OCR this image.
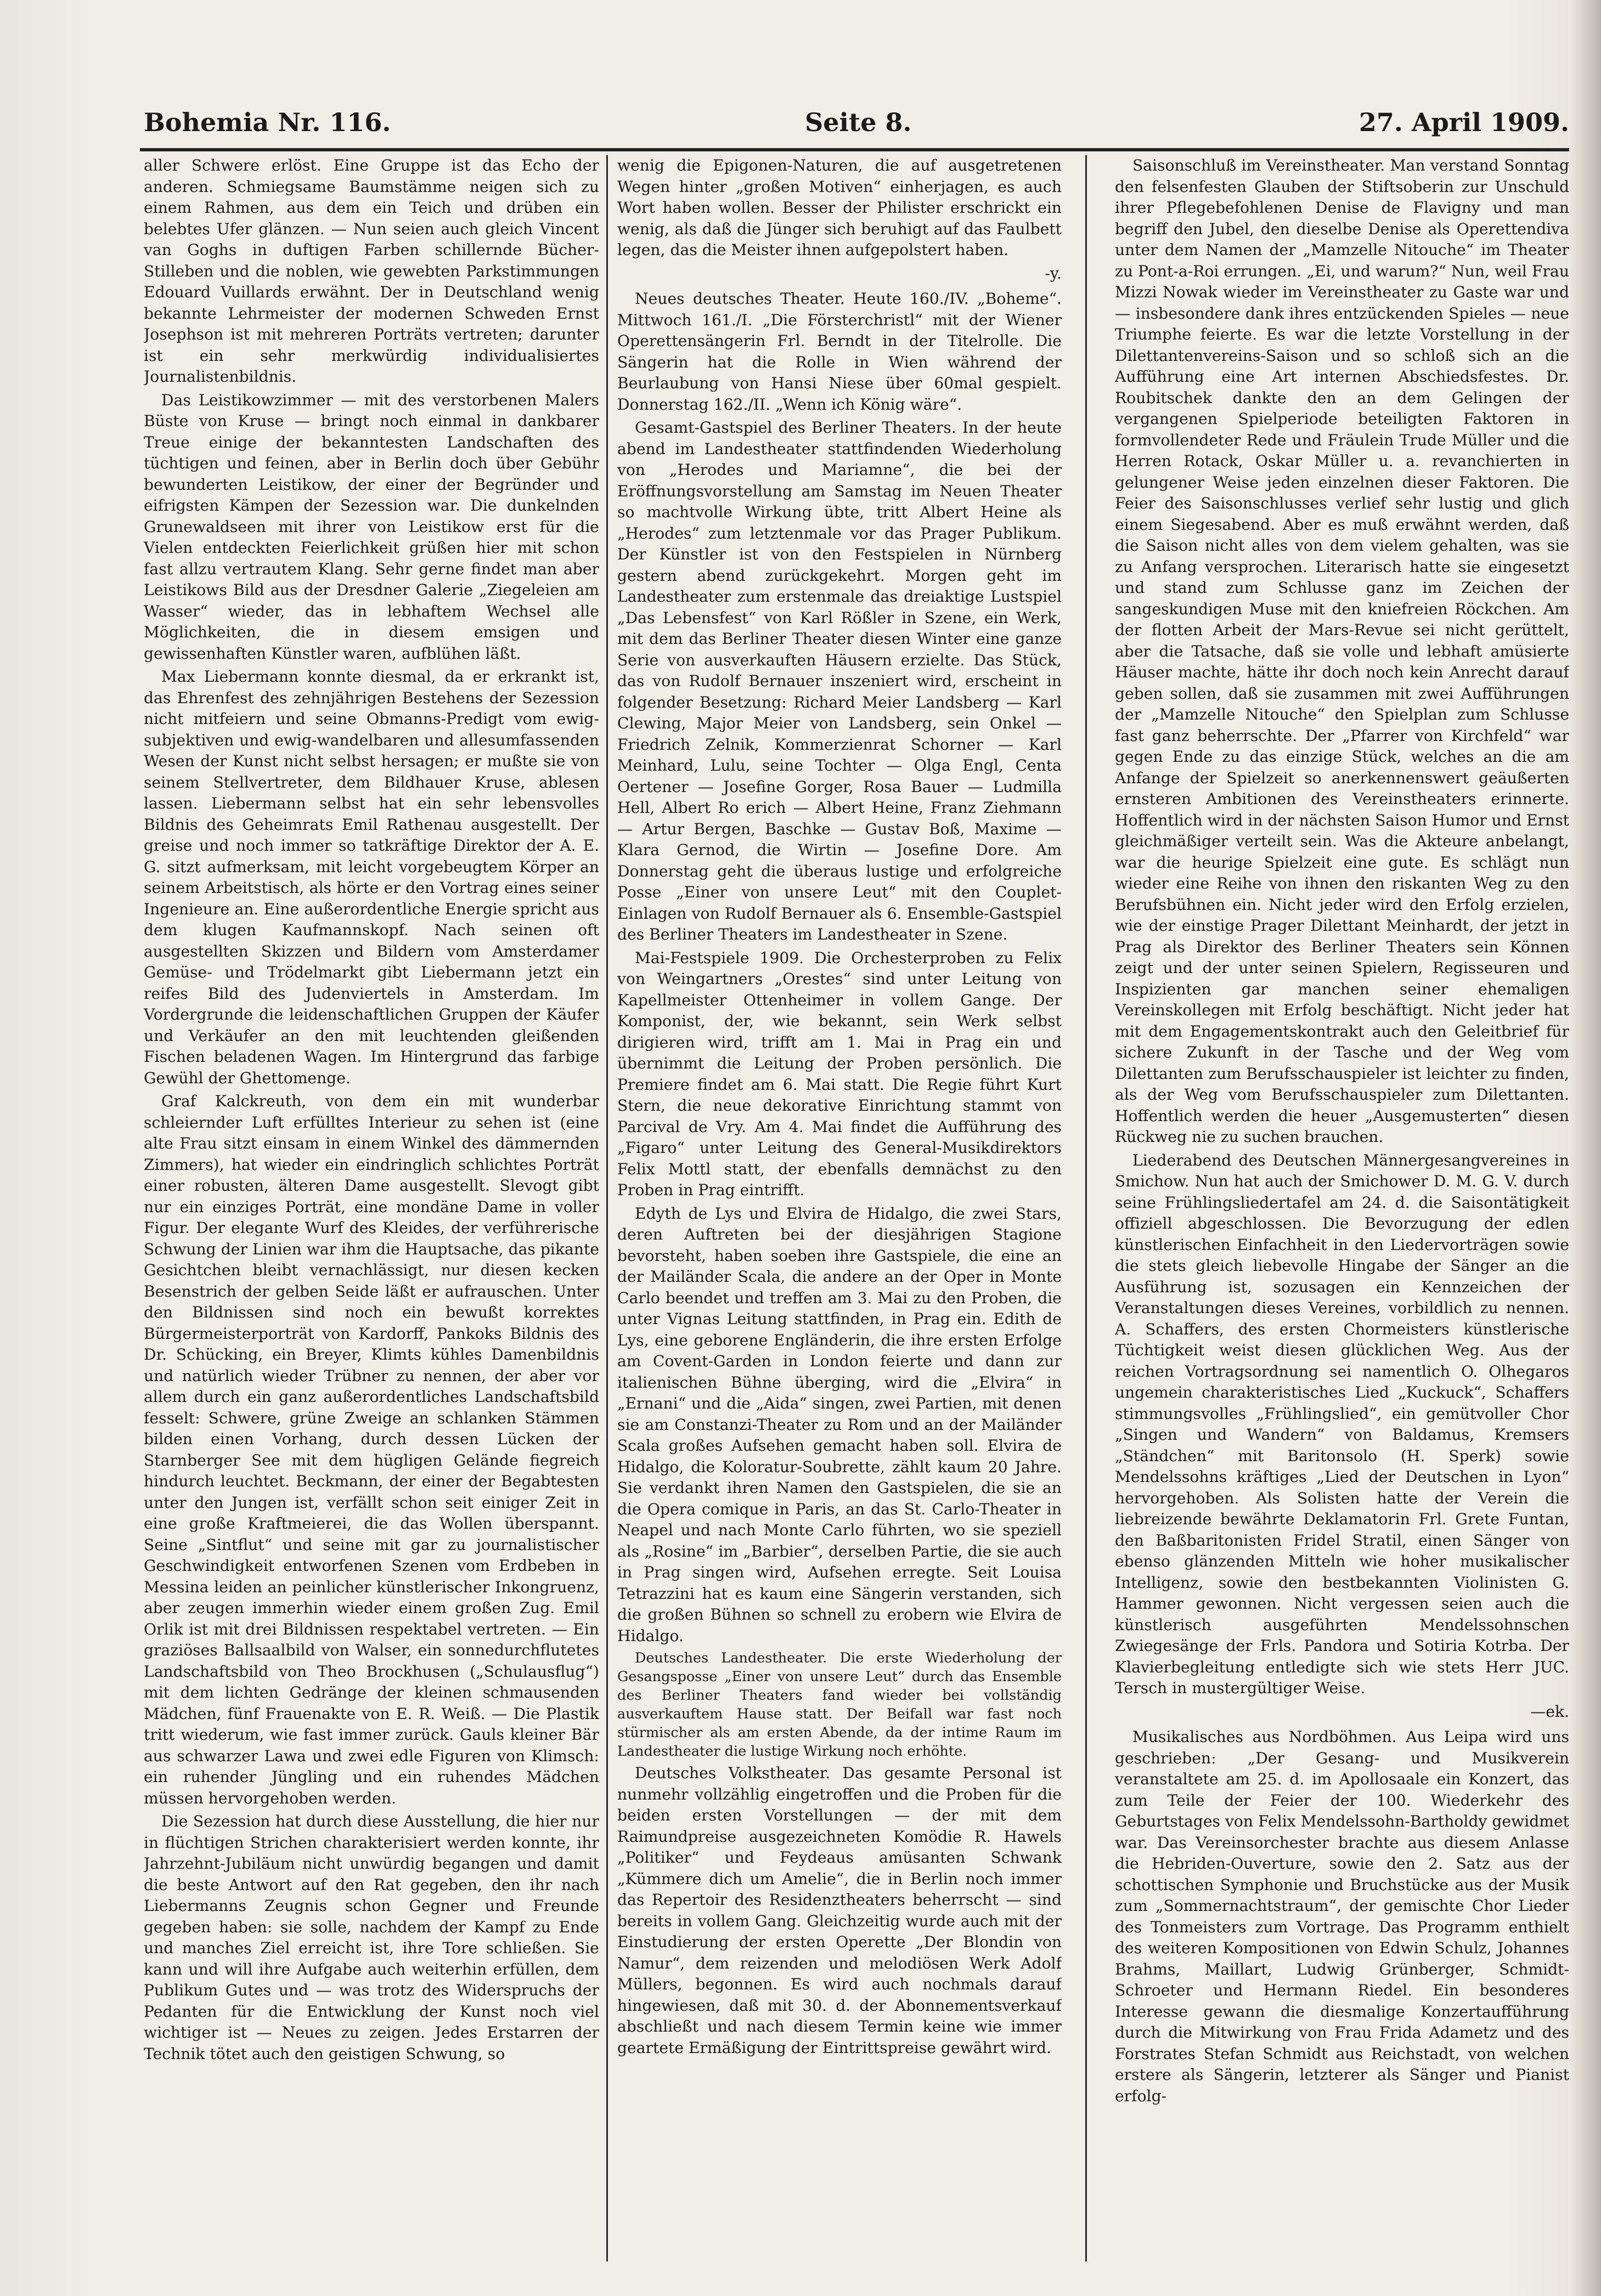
Bohemia Nr. 116.	Seite 8.	27. April 1909.

aller Schwere erlöst. Eine Gruppe ist das Echo der anderen. Schmiegsame Baumstämme neigen sich zu einem Rahmen, aus dem ein Teich und drüben ein belebtes Ufer glänzen. — Nun seien auch gleich Vincent van Goghs in duftigen Farben schillernde Bücher-Stilleben und die noblen, wie gewebten Parkstimmungen Edouard Vuillards erwähnt. Der in Deutschland wenig bekannte Lehrmeister der modernen Schweden Ernst Josephson ist mit mehreren Porträts vertreten; darunter ist ein sehr merkwürdig individualisiertes Journalistenbildnis.

Das Leistikowzimmer — mit des verstorbenen Malers Büste von Kruse — bringt noch einmal in dankbarer Treue einige der bekanntesten Landschaften des tüchtigen und feinen, aber in Berlin doch über Gebühr bewunderten Leistikow, der einer der Begründer und eifrigsten Kämpen der Sezession war. Die dunkelnden Grunewaldseen mit ihrer von Leistikow erst für die Vielen entdeckten Feierlichkeit grüßen hier mit schon fast allzu vertrautem Klang. Sehr gerne findet man aber Leistikows Bild aus der Dresdner Galerie „Ziegeleien am Wasser“ wieder, das in lebhaftem Wechsel alle Möglichkeiten, die in diesem emsigen und gewissenhaften Künstler waren, aufblühen läßt.

Max Liebermann konnte diesmal, da er erkrankt ist, das Ehrenfest des zehnjährigen Bestehens der Sezession nicht mitfeiern und seine Obmanns-Predigt vom ewig-subjektiven und ewig-wandelbaren und allesumfassenden Wesen der Kunst nicht selbst hersagen; er mußte sie von seinem Stellvertreter, dem Bildhauer Kruse, ablesen lassen. Liebermann selbst hat ein sehr lebensvolles Bildnis des Geheimrats Emil Rathenau ausgestellt. Der greise und noch immer so tatkräftige Direktor der A. E. G. sitzt aufmerksam, mit leicht vorgebeugtem Körper an seinem Arbeitstisch, als hörte er den Vortrag eines seiner Ingenieure an. Eine außerordentliche Energie spricht aus dem klugen Kaufmannskopf. Nach seinen oft ausgestellten Skizzen und Bildern vom Amsterdamer Gemüse- und Trödelmarkt gibt Liebermann jetzt ein reifes Bild des Judenviertels in Amsterdam. Im Vordergrunde die leidenschaftlichen Gruppen der Käufer und Verkäufer an den mit leuchtenden gleißenden Fischen beladenen Wagen. Im Hintergrund das farbige Gewühl der Ghettomenge.

Graf Kalckreuth, von dem ein mit wunderbar schleiernder Luft erfülltes Interieur zu sehen ist (eine alte Frau sitzt einsam in einem Winkel des dämmernden Zimmers), hat wieder ein eindringlich schlichtes Porträt einer robusten, älteren Dame ausgestellt. Slevogt gibt nur ein einziges Porträt, eine mondäne Dame in voller Figur. Der elegante Wurf des Kleides, der verführerische Schwung der Linien war ihm die Hauptsache, das pikante Gesichtchen bleibt vernachlässigt, nur diesen kecken Besenstrich der gelben Seide läßt er aufrauschen. Unter den Bildnissen sind noch ein bewußt korrektes Bürgermeisterporträt von Kardorff, Pankoks Bildnis des Dr. Schücking, ein Breyer, Klimts kühles Damenbildnis und natürlich wieder Trübner zu nennen, der aber vor allem durch ein ganz außerordentliches Landschaftsbild fesselt: Schwere, grüne Zweige an schlanken Stämmen bilden einen Vorhang, durch dessen Lücken der Starnberger See mit dem hügligen Gelände fiegreich hindurch leuchtet. Beckmann, der einer der Begabtesten unter den Jungen ist, verfällt schon seit einiger Zeit in eine große Kraftmeierei, die das Wollen überspannt. Seine „Sintflut“ und seine mit gar zu journalistischer Geschwindigkeit entworfenen Szenen vom Erdbeben in Messina leiden an peinlicher künstlerischer Inkongruenz, aber zeugen immerhin wieder einem großen Zug. Emil Orlik ist mit drei Bildnissen respektabel vertreten. — Ein graziöses Ballsaalbild von Walser, ein sonnedurchflutetes Landschaftsbild von Theo Brockhusen („Schulausflug“) mit dem lichten Gedränge der kleinen schmausenden Mädchen, fünf Frauenakte von E. R. Weiß. — Die Plastik tritt wiederum, wie fast immer zurück. Gauls kleiner Bär aus schwarzer Lawa und zwei edle Figuren von Klimsch: ein ruhender Jüngling und ein ruhendes Mädchen müssen hervorgehoben werden.

Die Sezession hat durch diese Ausstellung, die hier nur in flüchtigen Strichen charakterisiert werden konnte, ihr Jahrzehnt-Jubiläum nicht unwürdig begangen und damit die beste Antwort auf den Rat gegeben, den ihr nach Liebermanns Zeugnis schon Gegner und Freunde gegeben haben: sie solle, nachdem der Kampf zu Ende und manches Ziel erreicht ist, ihre Tore schließen. Sie kann und will ihre Aufgabe auch weiterhin erfüllen, dem Publikum Gutes und — was trotz des Widerspruchs der Pedanten für die Entwicklung der Kunst noch viel wichtiger ist — Neues zu zeigen. Jedes Erstarren der Technik tötet auch den geistigen Schwung, so

wenig die Epigonen-Naturen, die auf ausgetretenen Wegen hinter „großen Motiven“ einherjagen, es auch Wort haben wollen. Besser der Philister erschrickt ein wenig, als daß die Jünger sich beruhigt auf das Faulbett legen, das die Meister ihnen aufgepolstert haben.

-y.

Neues deutsches Theater. Heute 160./IV. „Boheme“. Mittwoch 161./I. „Die Försterchristl“ mit der Wiener Operettensängerin Frl. Berndt in der Titelrolle. Die Sängerin hat die Rolle in Wien während der Beurlaubung von Hansi Niese über 60mal gespielt. Donnerstag 162./II. „Wenn ich König wäre“.

Gesamt-Gastspiel des Berliner Theaters. In der heute abend im Landestheater stattfindenden Wiederholung von „Herodes und Mariamne“, die bei der Eröffnungsvorstellung am Samstag im Neuen Theater so machtvolle Wirkung übte, tritt Albert Heine als „Herodes“ zum letztenmale vor das Prager Publikum. Der Künstler ist von den Festspielen in Nürnberg gestern abend zurückgekehrt. Morgen geht im Landestheater zum erstenmale das dreiaktige Lustspiel „Das Lebensfest“ von Karl Rößler in Szene, ein Werk, mit dem das Berliner Theater diesen Winter eine ganze Serie von ausverkauften Häusern erzielte. Das Stück, das von Rudolf Bernauer inszeniert wird, erscheint in folgender Besetzung: Richard Meier Landsberg — Karl Clewing, Major Meier von Landsberg, sein Onkel — Friedrich Zelnik, Kommerzienrat Schorner — Karl Meinhard, Lulu, seine Tochter — Olga Engl, Centa Oertener — Josefine Gorger, Rosa Bauer — Ludmilla Hell, Albert Ro erich — Albert Heine, Franz Ziehmann — Artur Bergen, Baschke — Gustav Boß, Maxime — Klara Gernod, die Wirtin — Josefine Dore. Am Donnerstag geht die überaus lustige und erfolgreiche Posse „Einer von unsere Leut“ mit den Couplet-Einlagen von Rudolf Bernauer als 6. Ensemble-Gastspiel des Berliner Theaters im Landestheater in Szene.

Mai-Festspiele 1909. Die Orchesterproben zu Felix von Weingartners „Orestes“ sind unter Leitung von Kapellmeister Ottenheimer in vollem Gange. Der Komponist, der, wie bekannt, sein Werk selbst dirigieren wird, trifft am 1. Mai in Prag ein und übernimmt die Leitung der Proben persönlich. Die Premiere findet am 6. Mai statt. Die Regie führt Kurt Stern, die neue dekorative Einrichtung stammt von Parcival de Vry. Am 4. Mai findet die Aufführung des „Figaro“ unter Leitung des General-Musikdirektors Felix Mottl statt, der ebenfalls demnächst zu den Proben in Prag eintrifft.

Edyth de Lys und Elvira de Hidalgo, die zwei Stars, deren Auftreten bei der diesjährigen Stagione bevorsteht, haben soeben ihre Gastspiele, die eine an der Mailänder Scala, die andere an der Oper in Monte Carlo beendet und treffen am 3. Mai zu den Proben, die unter Vignas Leitung stattfinden, in Prag ein. Edith de Lys, eine geborene Engländerin, die ihre ersten Erfolge am Covent-Garden in London feierte und dann zur italienischen Bühne überging, wird die „Elvira“ in „Ernani“ und die „Aida“ singen, zwei Partien, mit denen sie am Constanzi-Theater zu Rom und an der Mailänder Scala großes Aufsehen gemacht haben soll. Elvira de Hidalgo, die Koloratur-Soubrette, zählt kaum 20 Jahre. Sie verdankt ihren Namen den Gastspielen, die sie an die Opera comique in Paris, an das St. Carlo-Theater in Neapel und nach Monte Carlo führten, wo sie speziell als „Rosine“ im „Barbier“, derselben Partie, die sie auch in Prag singen wird, Aufsehen erregte. Seit Louisa Tetrazzini hat es kaum eine Sängerin verstanden, sich die großen Bühnen so schnell zu erobern wie Elvira de Hidalgo.

Deutsches Landestheater. Die erste Wiederholung der Gesangsposse „Einer von unsere Leut“ durch das Ensemble des Berliner Theaters fand wieder bei vollständig ausverkauftem Hause statt. Der Beifall war fast noch stürmischer als am ersten Abende, da der intime Raum im Landestheater die lustige Wirkung noch erhöhte.

Deutsches Volkstheater. Das gesamte Personal ist nunmehr vollzählig eingetroffen und die Proben für die beiden ersten Vorstellungen — der mit dem Raimundpreise ausgezeichneten Komödie R. Hawels „Politiker“ und Feydeaus amüsanten Schwank „Kümmere dich um Amelie“, die in Berlin noch immer das Repertoir des Residenztheaters beherrscht — sind bereits in vollem Gang. Gleichzeitig wurde auch mit der Einstudierung der ersten Operette „Der Blondin von Namur“, dem reizenden und melodiösen Werk Adolf Müllers, begonnen. Es wird auch nochmals darauf hingewiesen, daß mit 30. d. der Abonnementsverkauf abschließt und nach diesem Termin keine wie immer geartete Ermäßigung der Eintrittspreise gewährt wird.

Saisonschluß im Vereinstheater. Man verstand Sonntag den felsenfesten Glauben der Stiftsoberin zur Unschuld ihrer Pflegebefohlenen Denise de Flavigny und man begriff den Jubel, den dieselbe Denise als Operettendiva unter dem Namen der „Mamzelle Nitouche“ im Theater zu Pont-a-Roi errungen. „Ei, und warum?“ Nun, weil Frau Mizzi Nowak wieder im Vereinstheater zu Gaste war und — insbesondere dank ihres entzückenden Spieles — neue Triumphe feierte. Es war die letzte Vorstellung in der Dilettantenvereins-Saison und so schloß sich an die Aufführung eine Art internen Abschiedsfestes. Dr. Roubitschek dankte den an dem Gelingen der vergangenen Spielperiode beteiligten Faktoren in formvollendeter Rede und Fräulein Trude Müller und die Herren Rotack, Oskar Müller u. a. revanchierten in gelungener Weise jeden einzelnen dieser Faktoren. Die Feier des Saisonschlusses verlief sehr lustig und glich einem Siegesabend. Aber es muß erwähnt werden, daß die Saison nicht alles von dem vielem gehalten, was sie zu Anfang versprochen. Literarisch hatte sie eingesetzt und stand zum Schlusse ganz im Zeichen der sangeskundigen Muse mit den kniefreien Röckchen. Am der flotten Arbeit der Mars-Revue sei nicht gerüttelt, aber die Tatsache, daß sie volle und lebhaft amüsierte Häuser machte, hätte ihr doch noch kein Anrecht darauf geben sollen, daß sie zusammen mit zwei Aufführungen der „Mamzelle Nitouche“ den Spielplan zum Schlusse fast ganz beherrschte. Der „Pfarrer von Kirchfeld“ war gegen Ende zu das einzige Stück, welches an die am Anfange der Spielzeit so anerkennenswert geäußerten ernsteren Ambitionen des Vereinstheaters erinnerte. Hoffentlich wird in der nächsten Saison Humor und Ernst gleichmäßiger verteilt sein. Was die Akteure anbelangt, war die heurige Spielzeit eine gute. Es schlägt nun wieder eine Reihe von ihnen den riskanten Weg zu den Berufsbühnen ein. Nicht jeder wird den Erfolg erzielen, wie der einstige Prager Dilettant Meinhardt, der jetzt in Prag als Direktor des Berliner Theaters sein Können zeigt und der unter seinen Spielern, Regisseuren und Inspizienten gar manchen seiner ehemaligen Vereinskollegen mit Erfolg beschäftigt. Nicht jeder hat mit dem Engagementskontrakt auch den Geleitbrief für sichere Zukunft in der Tasche und der Weg vom Dilettanten zum Berufsschauspieler ist leichter zu finden, als der Weg vom Berufsschauspieler zum Dilettanten. Hoffentlich werden die heuer „Ausgemusterten“ diesen Rückweg nie zu suchen brauchen.

Liederabend des Deutschen Männergesangvereines in Smichow. Nun hat auch der Smichower D. M. G. V. durch seine Frühlingsliedertafel am 24. d. die Saisontätigkeit offiziell abgeschlossen. Die Bevorzugung der edlen künstlerischen Einfachheit in den Liedervorträgen sowie die stets gleich liebevolle Hingabe der Sänger an die Ausführung ist, sozusagen ein Kennzeichen der Veranstaltungen dieses Vereines, vorbildlich zu nennen. A. Schaffers, des ersten Chormeisters künstlerische Tüchtigkeit weist diesen glücklichen Weg. Aus der reichen Vortragsordnung sei namentlich O. Olhegaros ungemein charakteristisches Lied „Kuckuck“, Schaffers stimmungsvolles „Frühlingslied“, ein gemütvoller Chor „Singen und Wandern“ von Baldamus, Kremsers „Ständchen“ mit Baritonsolo (H. Sperk) sowie Mendelssohns kräftiges „Lied der Deutschen in Lyon“ hervorgehoben. Als Solisten hatte der Verein die liebreizende bewährte Deklamatorin Frl. Grete Funtan, den Baßbaritonisten Fridel Stratil, einen Sänger von ebenso glänzenden Mitteln wie hoher musikalischer Intelligenz, sowie den bestbekannten Violinisten G. Hammer gewonnen. Nicht vergessen seien auch die künstlerisch ausgeführten Mendelssohnschen Zwiegesänge der Frls. Pandora und Sotiria Kotrba. Der Klavierbegleitung entledigte sich wie stets Herr JUC. Tersch in mustergültiger Weise.

—ek.

Musikalisches aus Nordböhmen. Aus Leipa wird uns geschrieben: „Der Gesang- und Musikverein veranstaltete am 25. d. im Apollosaale ein Konzert, das zum Teile der Feier der 100. Wiederkehr des Geburtstages von Felix Mendelssohn-Bartholdy gewidmet war. Das Vereinsorchester brachte aus diesem Anlasse die Hebriden-Ouverture, sowie den 2. Satz aus der schottischen Symphonie und Bruchstücke aus der Musik zum „Sommernachtstraum“, der gemischte Chor Lieder des Tonmeisters zum Vortrage. Das Programm enthielt des weiteren Kompositionen von Edwin Schulz, Johannes Brahms, Maillart, Ludwig Grünberger, Schmidt-Schroeter und Hermann Riedel. Ein besonderes Interesse gewann die diesmalige Konzertaufführung durch die Mitwirkung von Frau Frida Adametz und des Forstrates Stefan Schmidt aus Reichstadt, von welchen erstere als Sängerin, letzterer als Sänger und Pianist erfolg-
